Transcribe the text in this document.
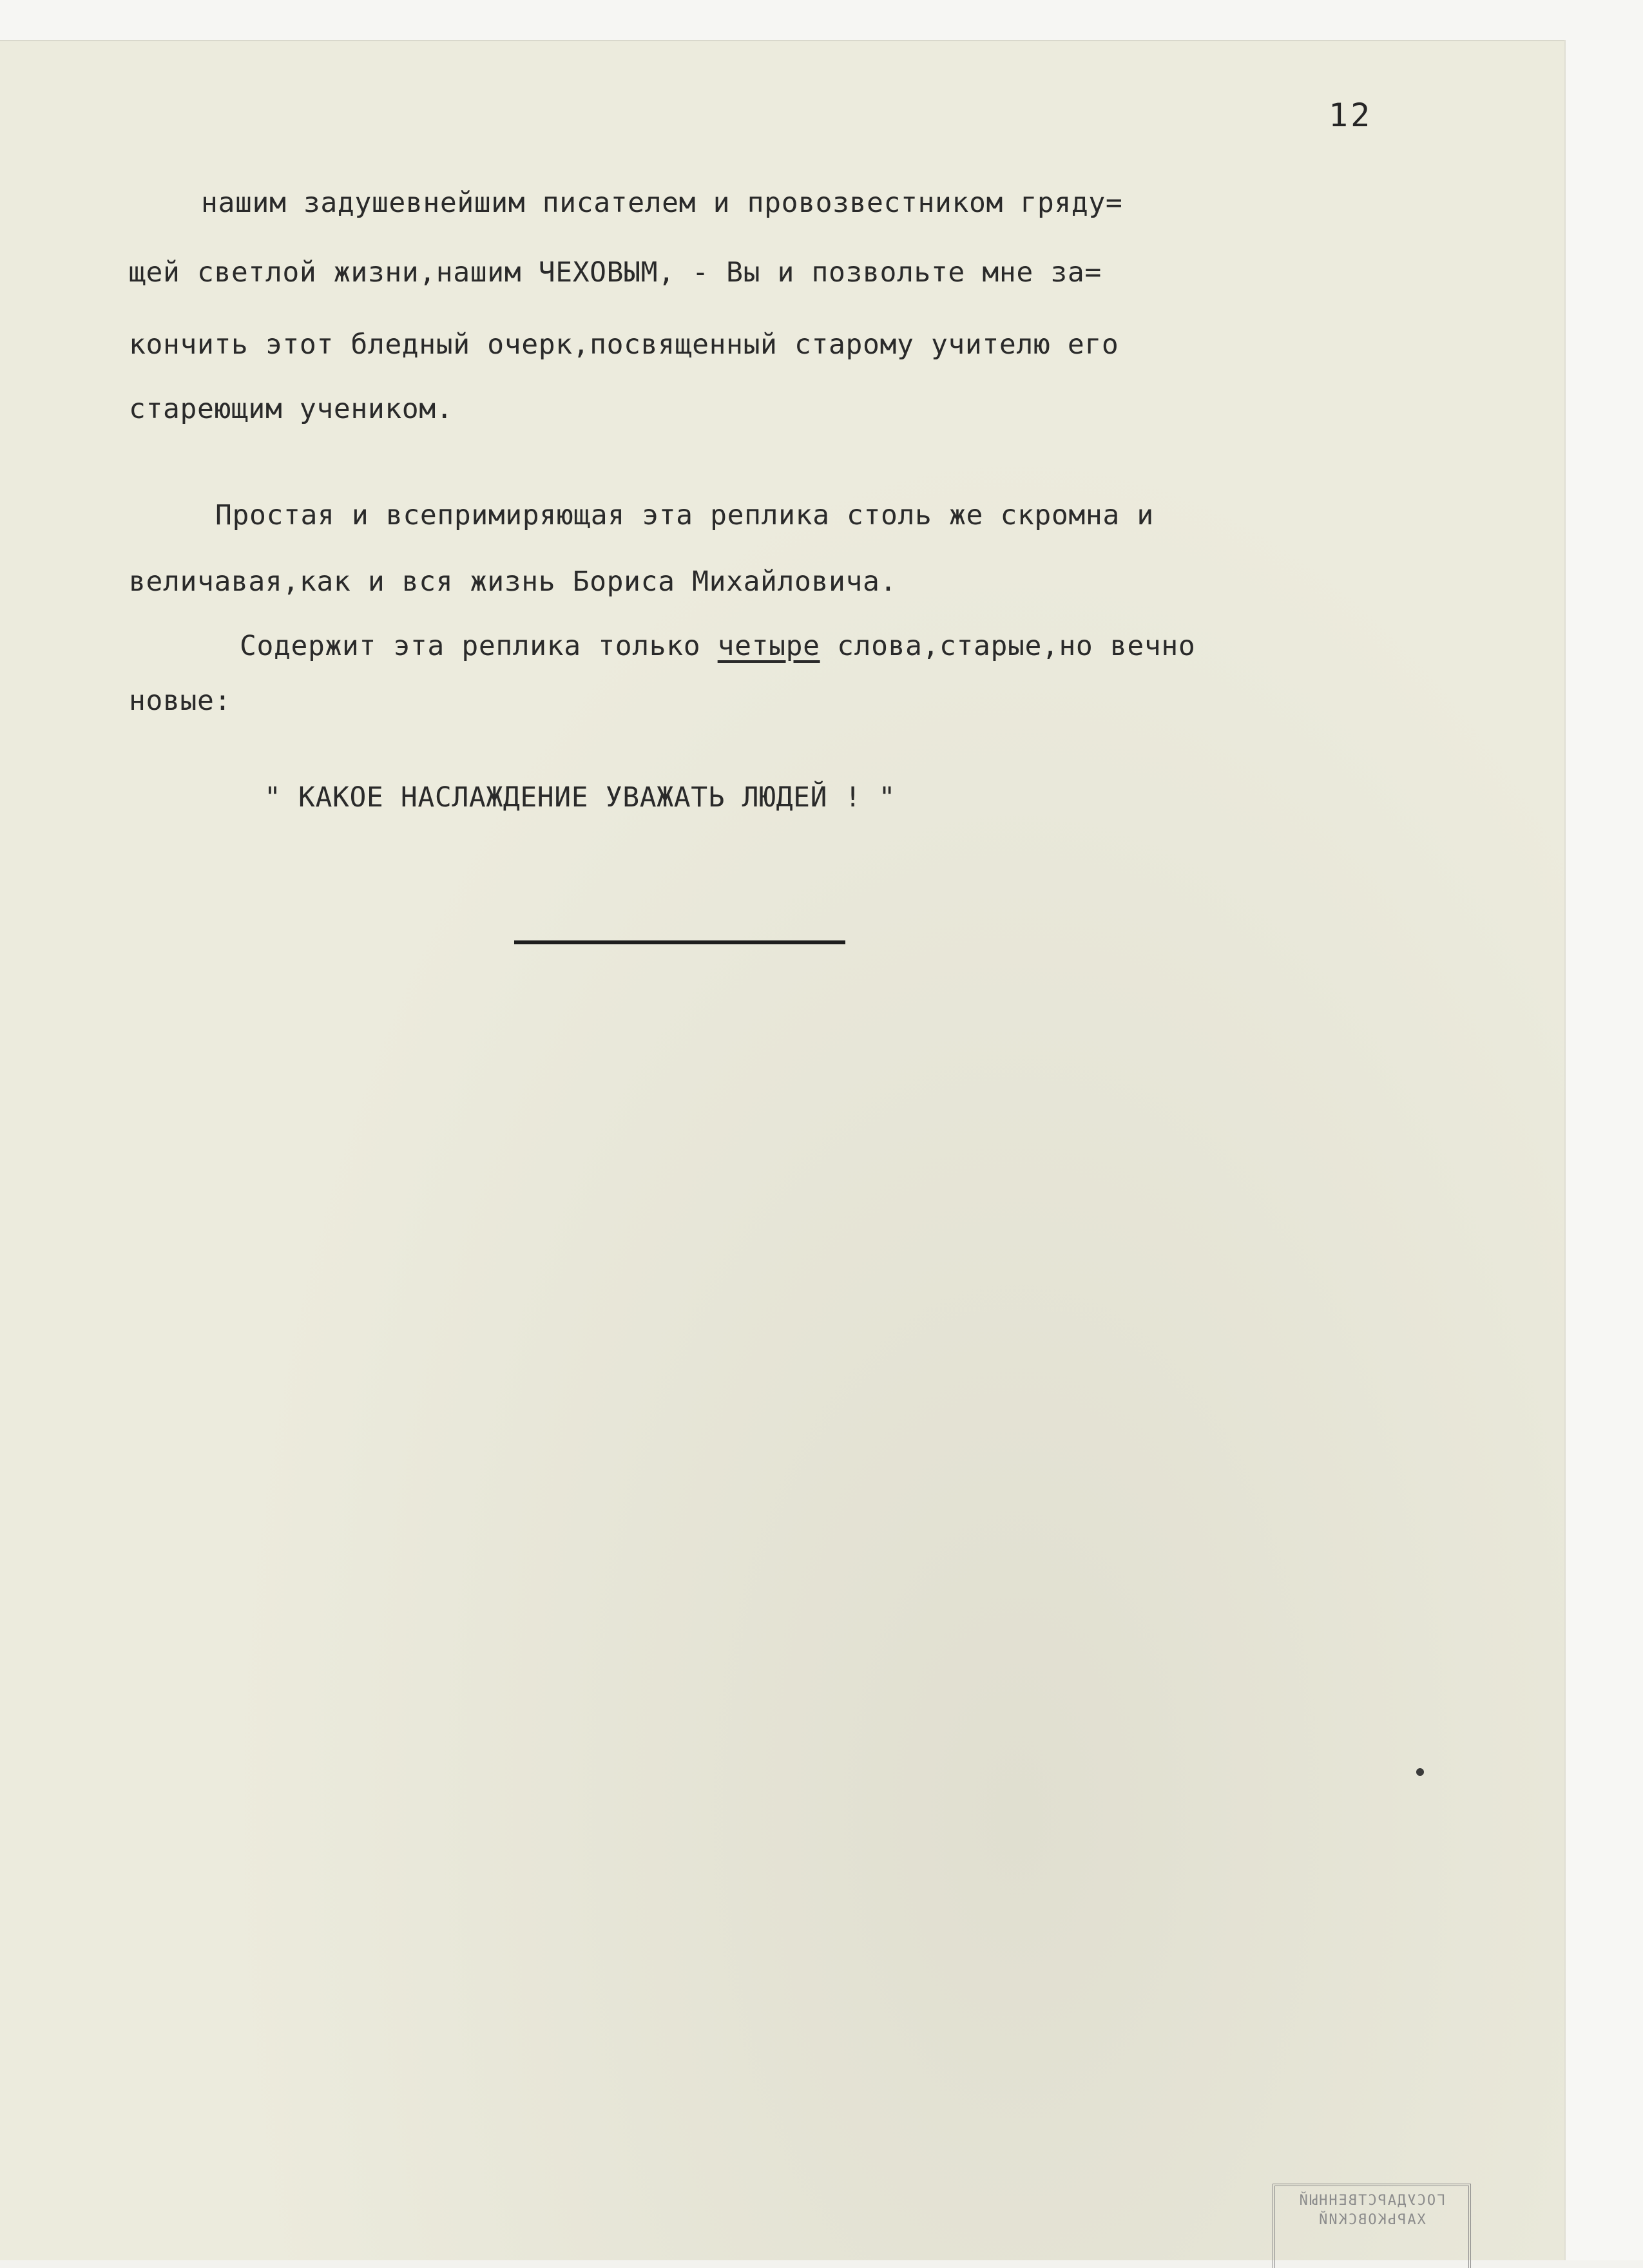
12
нашим задушевнейшим писателем и провозвестником гряду=
щей светлой жизни,нашим ЧЕХОВЫМ, - Вы и позвольте мне за=
кончить этот бледный очерк,посвященный старому учителю его
стареющим учеником.
Простая и всепримиряющая эта реплика столь же скромна и
величавая,как и вся жизнь Бориса Михайловича.
Содержит эта реплика только четыре слова,старые,но вечно
новые:
" КАКОЕ НАСЛАЖДЕНИЕ УВАЖАТЬ ЛЮДЕЙ ! "
ГОСУДАРСТВЕННЫЙ
ХАРЬКОВСКИЙ
